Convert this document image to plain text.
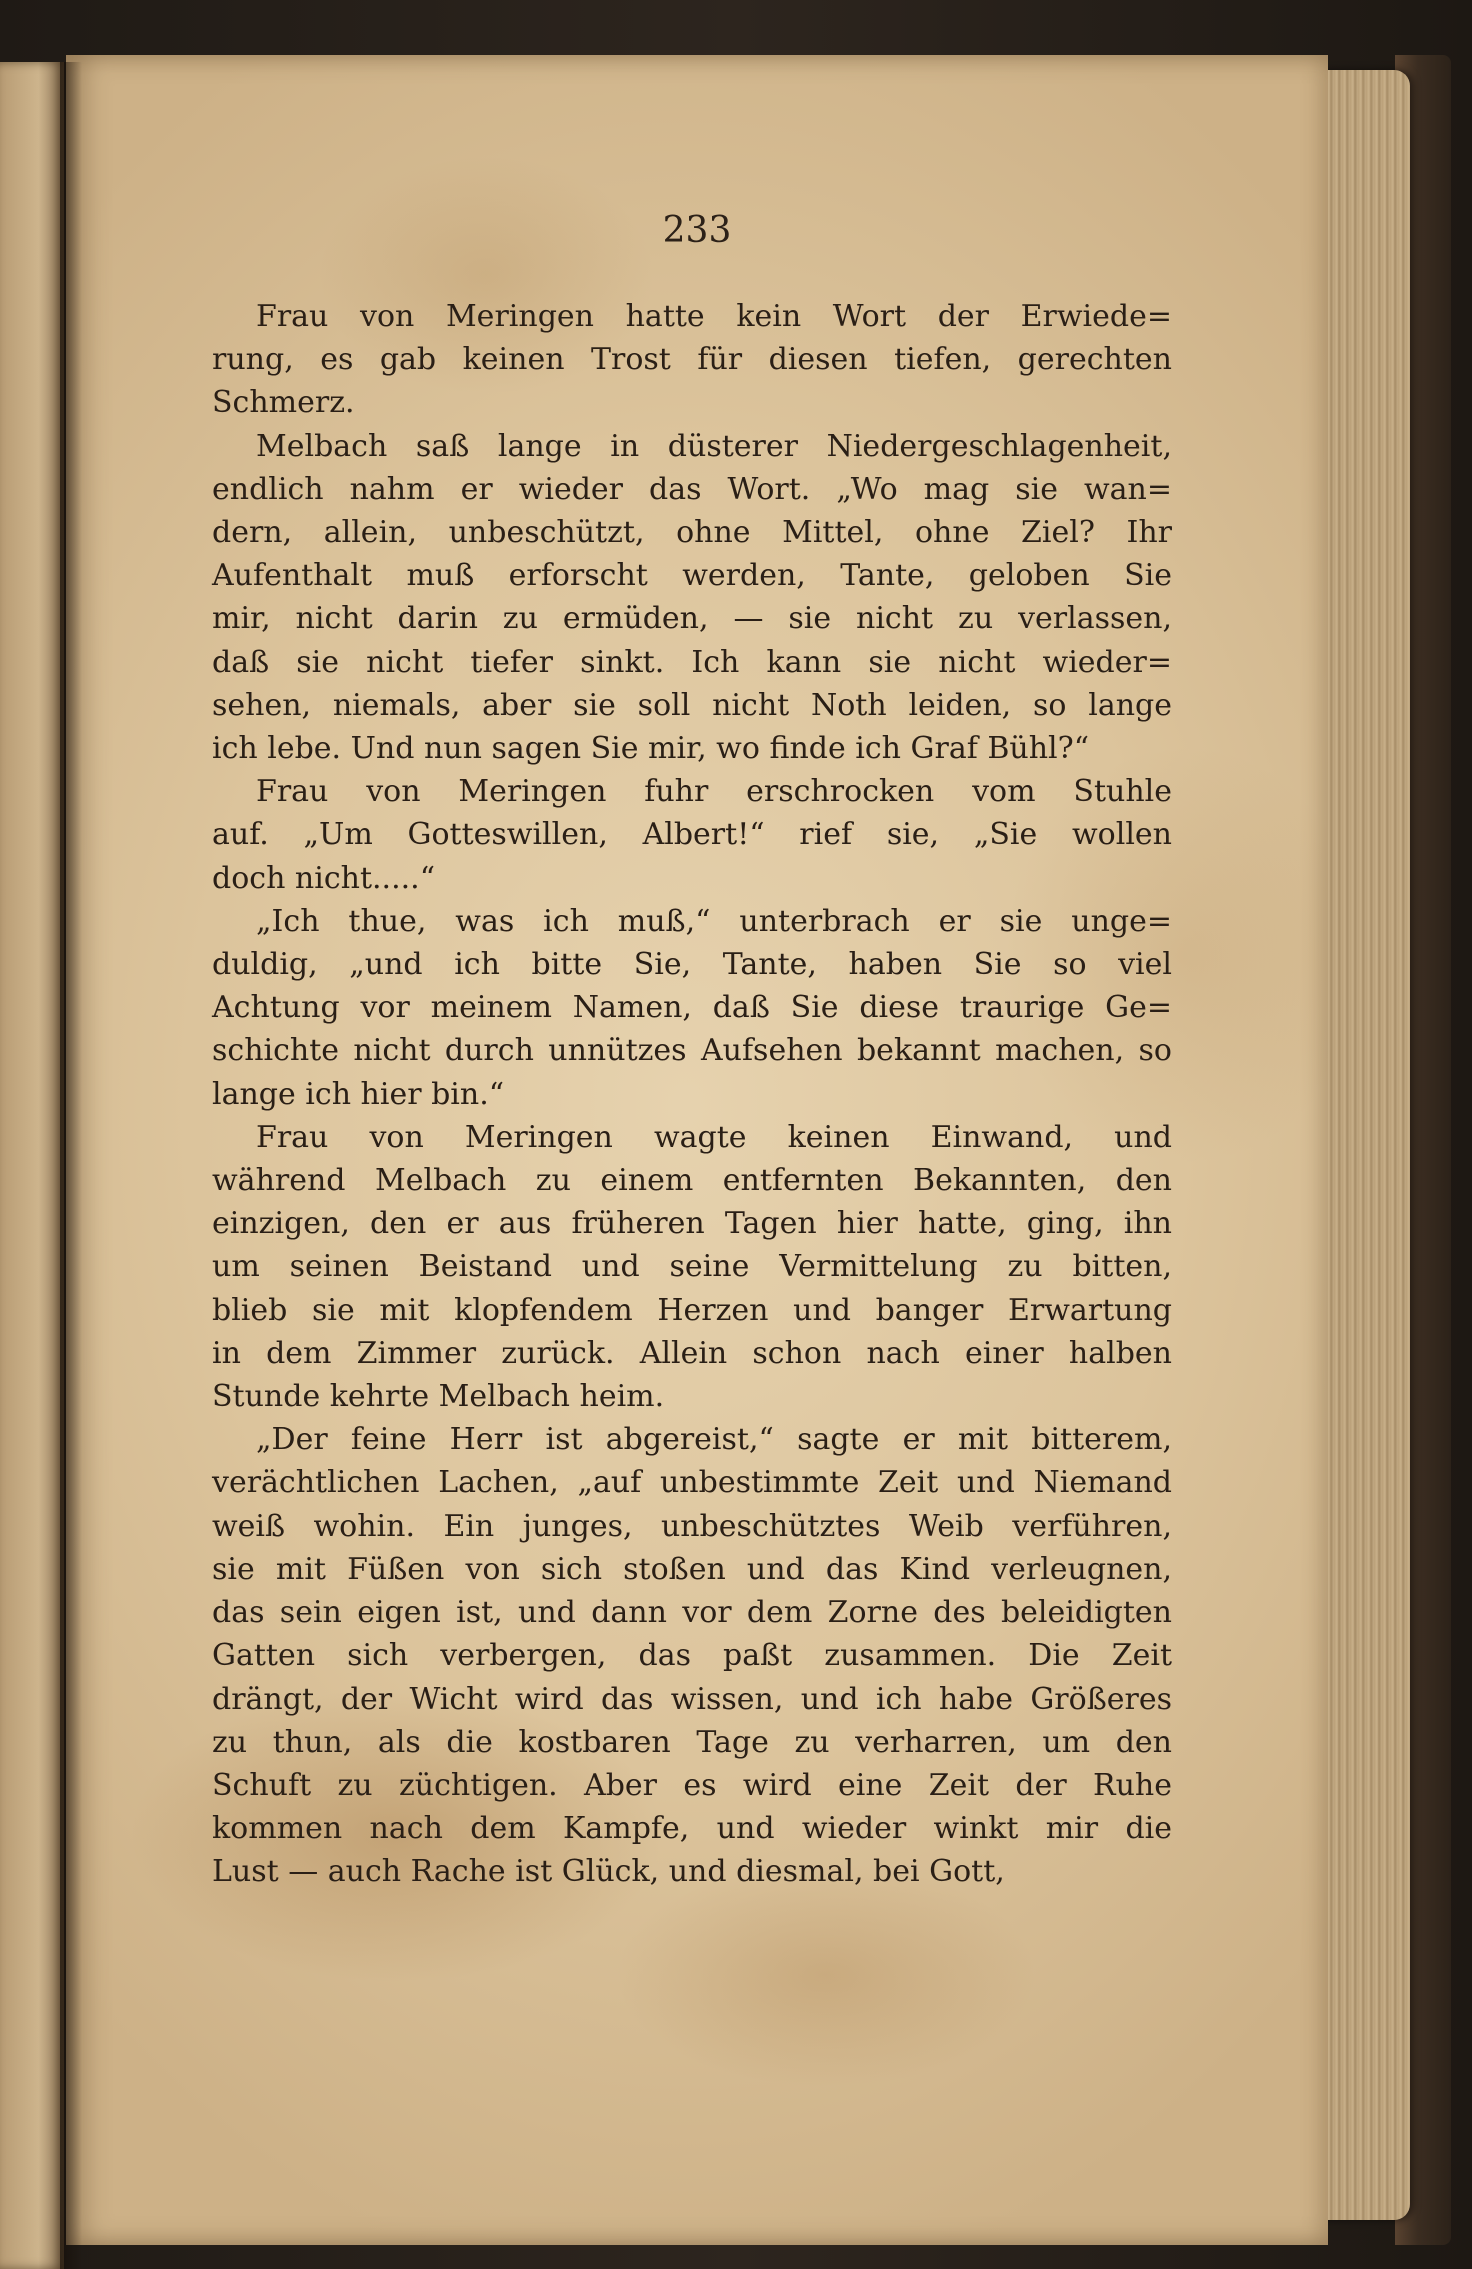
233
Frau von Meringen hatte kein Wort der Erwiede=
rung, es gab keinen Trost für diesen tiefen, gerechten
Schmerz.
Melbach saß lange in düsterer Niedergeschlagenheit,
endlich nahm er wieder das Wort. „Wo mag sie wan=
dern, allein, unbeschützt, ohne Mittel, ohne Ziel? Ihr
Aufenthalt muß erforscht werden, Tante, geloben Sie
mir, nicht darin zu ermüden, — sie nicht zu verlassen,
daß sie nicht tiefer sinkt. Ich kann sie nicht wieder=
sehen, niemals, aber sie soll nicht Noth leiden, so lange
ich lebe. Und nun sagen Sie mir, wo finde ich Graf Bühl?“
Frau von Meringen fuhr erschrocken vom Stuhle
auf. „Um Gotteswillen, Albert!“ rief sie, „Sie wollen
doch nicht.....“
„Ich thue, was ich muß,“ unterbrach er sie unge=
duldig, „und ich bitte Sie, Tante, haben Sie so viel
Achtung vor meinem Namen, daß Sie diese traurige Ge=
schichte nicht durch unnützes Aufsehen bekannt machen, so
lange ich hier bin.“
Frau von Meringen wagte keinen Einwand, und
während Melbach zu einem entfernten Bekannten, den
einzigen, den er aus früheren Tagen hier hatte, ging, ihn
um seinen Beistand und seine Vermittelung zu bitten,
blieb sie mit klopfendem Herzen und banger Erwartung
in dem Zimmer zurück. Allein schon nach einer halben
Stunde kehrte Melbach heim.
„Der feine Herr ist abgereist,“ sagte er mit bitterem,
verächtlichen Lachen, „auf unbestimmte Zeit und Niemand
weiß wohin. Ein junges, unbeschütztes Weib verführen,
sie mit Füßen von sich stoßen und das Kind verleugnen,
das sein eigen ist, und dann vor dem Zorne des beleidigten
Gatten sich verbergen, das paßt zusammen. Die Zeit
drängt, der Wicht wird das wissen, und ich habe Größeres
zu thun, als die kostbaren Tage zu verharren, um den
Schuft zu züchtigen. Aber es wird eine Zeit der Ruhe
kommen nach dem Kampfe, und wieder winkt mir die
Lust — auch Rache ist Glück, und diesmal, bei Gott,
